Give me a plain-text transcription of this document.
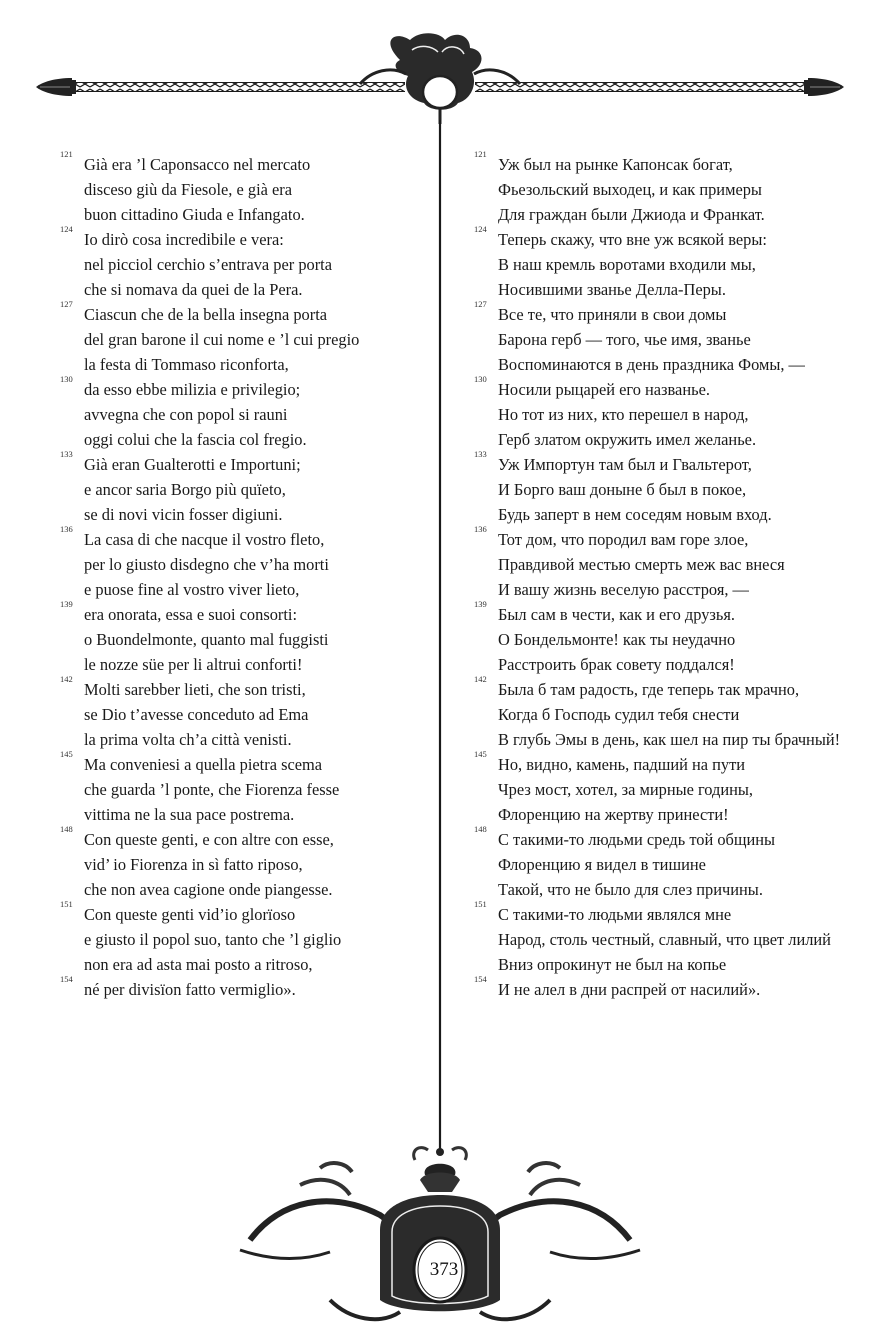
121
Già era ’l Caponsacco nel mercato
disceso giù da Fiesole, e già era
buon cittadino Giuda e Infangato.
124
Io dirò cosa incredibile e vera:
nel picciol cerchio s’entrava per porta
che si nomava da quei de la Pera.
127
Ciascun che de la bella insegna porta
del gran barone il cui nome e ’l cui pregio
la festa di Tommaso riconforta,
130
da esso ebbe milizia e privilegio;
avvegna che con popol si rauni
oggi colui che la fascia col fregio.
133
Già eran Gualterotti e Importuni;
e ancor saria Borgo più quïeto,
se di novi vicin fosser digiuni.
136
La casa di che nacque il vostro fleto,
per lo giusto disdegno che v’ha morti
e puose fine al vostro viver lieto,
139
era onorata, essa e suoi consorti:
o Buondelmonte, quanto mal fuggisti
le nozze süe per li altrui conforti!
142
Molti sarebber lieti, che son tristi,
se Dio t’avesse conceduto ad Ema
la prima volta ch’a città venisti.
145
Ma conveniesi a quella pietra scema
che guarda ’l ponte, che Fiorenza fesse
vittima ne la sua pace postrema.
148
Con queste genti, e con altre con esse,
vid’ io Fiorenza in sì fatto riposo,
che non avea cagione onde piangesse.
151
Con queste genti vid’io glorïoso
e giusto il popol suo, tanto che ’l giglio
non era ad asta mai posto a ritroso,
154
né per divisïon fatto vermiglio».
121
Уж был на рынке Капонсак богат,
Фьезольский выходец, и как примеры
Для граждан были Джиода и Франкат.
124
Теперь скажу, что вне уж всякой веры:
В наш кремль воротами входили мы,
Носившими званье Делла-Перы.
127
Все те, что приняли в свои домы
Барона герб — того, чье имя, званье
Воспоминаются в день праздника Фомы, —
130
Носили рыцарей его названье.
Но тот из них, кто перешел в народ,
Герб златом окружить имел желанье.
133
Уж Импортун там был и Гвальтерот,
И Борго ваш доныне б был в покое,
Будь заперт в нем соседям новым вход.
136
Тот дом, что породил вам горе злое,
Правдивой местью смерть меж вас внеся
И вашу жизнь веселую расстроя, —
139
Был сам в чести, как и его друзья.
О Бондельмонте! как ты неудачно
Расстроить брак совету поддался!
142
Была б там радость, где теперь так мрачно,
Когда б Господь судил тебя снести
В глубь Эмы в день, как шел на пир ты брачный!
145
Но, видно, камень, падший на пути
Чрез мост, хотел, за мирные годины,
Флоренцию на жертву принести!
148
С такими-то людьми средь той общины
Флоренцию я видел в тишине
Такой, что не было для слез причины.
151
С такими-то людьми являлся мне
Народ, столь честный, славный, что цвет лилий
Вниз опрокинут не был на копье
154
И не алел в дни распрей от насилий».
373
